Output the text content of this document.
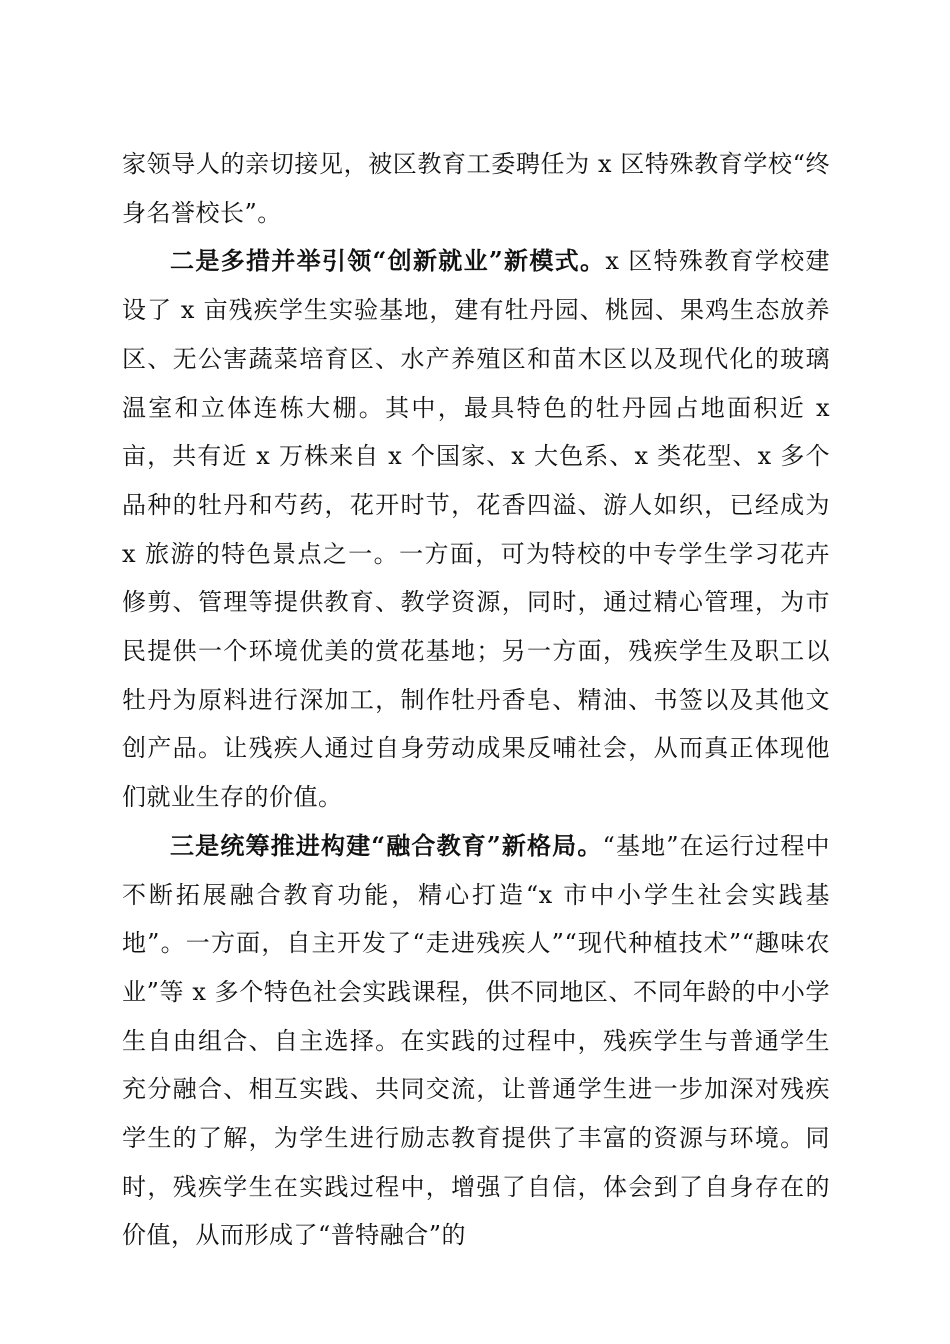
家领导人的亲切接见，被区教育工委聘任为 x 区特殊教育学校“终身名誉校长”。

二是多措并举引领“创新就业”新模式。x 区特殊教育学校建设了 x 亩残疾学生实验基地，建有牡丹园、桃园、果鸡生态放养区、无公害蔬菜培育区、水产养殖区和苗木区以及现代化的玻璃温室和立体连栋大棚。其中，最具特色的牡丹园占地面积近 x 亩，共有近 x 万株来自 x 个国家、x 大色系、x 类花型、x 多个品种的牡丹和芍药，花开时节，花香四溢、游人如织，已经成为 x 旅游的特色景点之一。一方面，可为特校的中专学生学习花卉修剪、管理等提供教育、教学资源，同时，通过精心管理，为市民提供一个环境优美的赏花基地；另一方面，残疾学生及职工以牡丹为原料进行深加工，制作牡丹香皂、精油、书签以及其他文创产品。让残疾人通过自身劳动成果反哺社会，从而真正体现他们就业生存的价值。

三是统筹推进构建“融合教育”新格局。“基地”在运行过程中不断拓展融合教育功能，精心打造“x 市中小学生社会实践基地”。一方面，自主开发了“走进残疾人”“现代种植技术”“趣味农业”等 x 多个特色社会实践课程，供不同地区、不同年龄的中小学生自由组合、自主选择。在实践的过程中，残疾学生与普通学生充分融合、相互实践、共同交流，让普通学生进一步加深对残疾学生的了解，为学生进行励志教育提供了丰富的资源与环境。同时，残疾学生在实践过程中，增强了自信，体会到了自身存在的价值，从而形成了“普特融合”的
